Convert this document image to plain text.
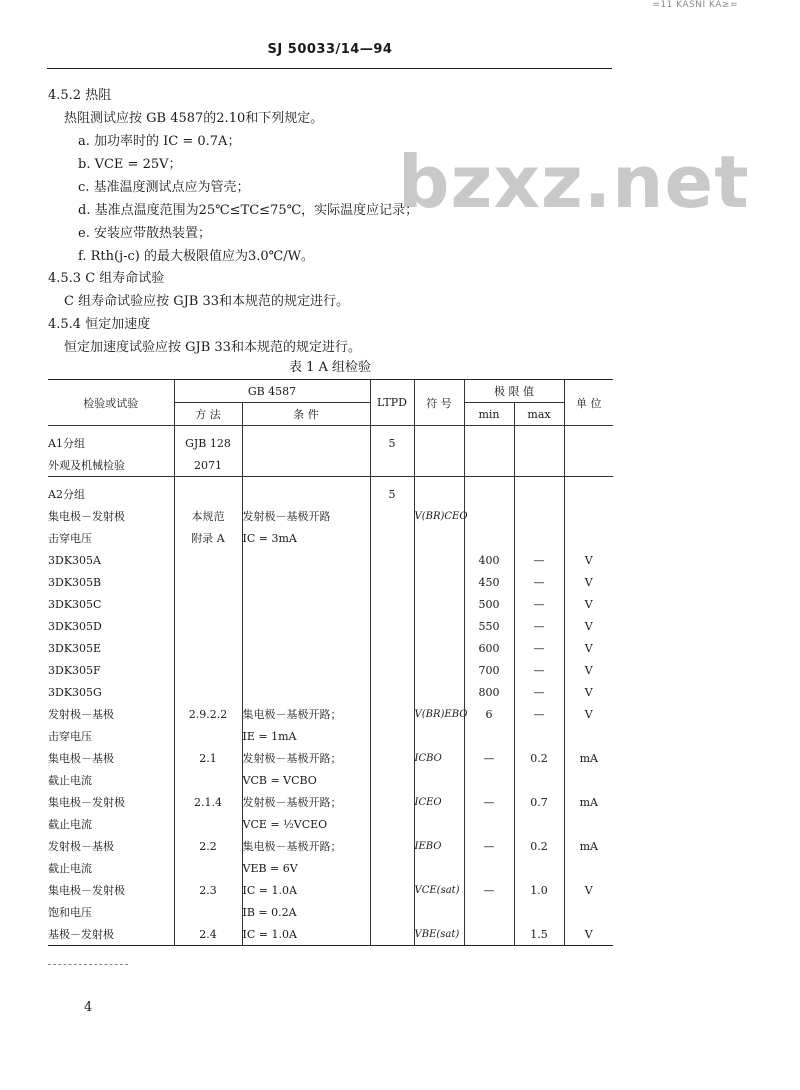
=11 KASNI KA≥=
SJ 50033/14—94
bzxz.net
4.5.2 热阻
热阻测试应按 GB 4587的2.10和下列规定。
a. 加功率时的 IC = 0.7A；
b. VCE = 25V；
c. 基准温度测试点应为管壳；
d. 基准点温度范围为25℃≤TC≤75℃，实际温度应记录；
e. 安装应带散热装置；
f. Rth(j-c) 的最大极限值应为3.0℃/W。
4.5.3 C 组寿命试验
C 组寿命试验应按 GJB 33和本规范的规定进行。
4.5.4 恒定加速度
恒定加速度试验应按 GJB 33和本规范的规定进行。
表 1 A 组检验
检验或试验	GB 4587		LTPD	符 号	极 限 值		单 位
	方 法	条 件			min	max	
A1分组	GJB 128		5				
外观及机械检验	2071						
A2分组			5				
集电极－发射极	本规范	发射极－基极开路		V(BR)CEO			
击穿电压	附录 A	IC = 3mA					
3DK305A					400	—	V
3DK305B					450	—	V
3DK305C					500	—	V
3DK305D					550	—	V
3DK305E					600	—	V
3DK305F					700	—	V
3DK305G					800	—	V
发射极－基极	2.9.2.2	集电极－基极开路；		V(BR)EBO	6	—	V
击穿电压		IE = 1mA					
集电极－基极	2.1	发射极－基极开路；		ICBO	—	0.2	mA
截止电流		VCB = VCBO					
集电极－发射极	2.1.4	发射极－基极开路；		ICEO	—	0.7	mA
截止电流		VCE = ½VCEO					
发射极－基极	2.2	集电极－基极开路；		IEBO	—	0.2	mA
截止电流		VEB = 6V					
集电极－发射极	2.3	IC = 1.0A		VCE(sat)	—	1.0	V
饱和电压		IB = 0.2A					
基极－发射极	2.4	IC = 1.0A		VBE(sat)		1.5	V
4
